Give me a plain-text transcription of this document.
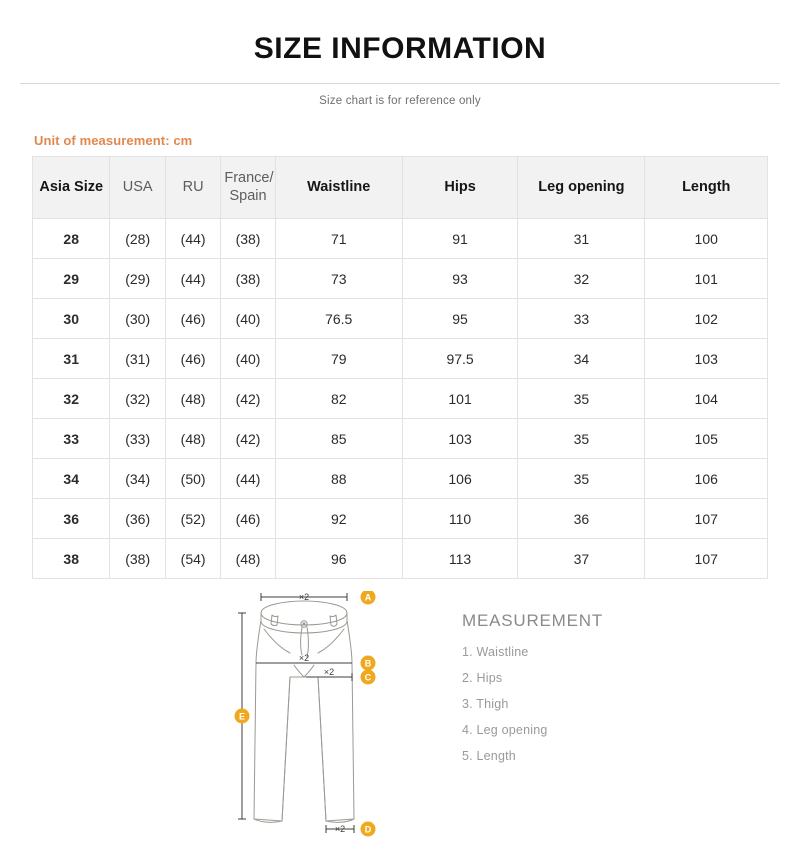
SIZE INFORMATION
Size chart is for reference only
Unit of measurement: cm
Asia Size	USA	RU	France/ Spain	Waistline	Hips	Leg opening	Length
28	(28)	(44)	(38)	71	91	31	100
29	(29)	(44)	(38)	73	93	32	101
30	(30)	(46)	(40)	76.5	95	33	102
31	(31)	(46)	(40)	79	97.5	34	103
32	(32)	(48)	(42)	82	101	35	104
33	(33)	(48)	(42)	85	103	35	105
34	(34)	(50)	(44)	88	106	35	106
36	(36)	(52)	(46)	92	110	36	107
38	(38)	(54)	(48)	96	113	37	107
×2
×2
×2
×2
A
B
C
D
E
MEASUREMENT
1. Waistline
2. Hips
3. Thigh
4. Leg opening
5. Length
